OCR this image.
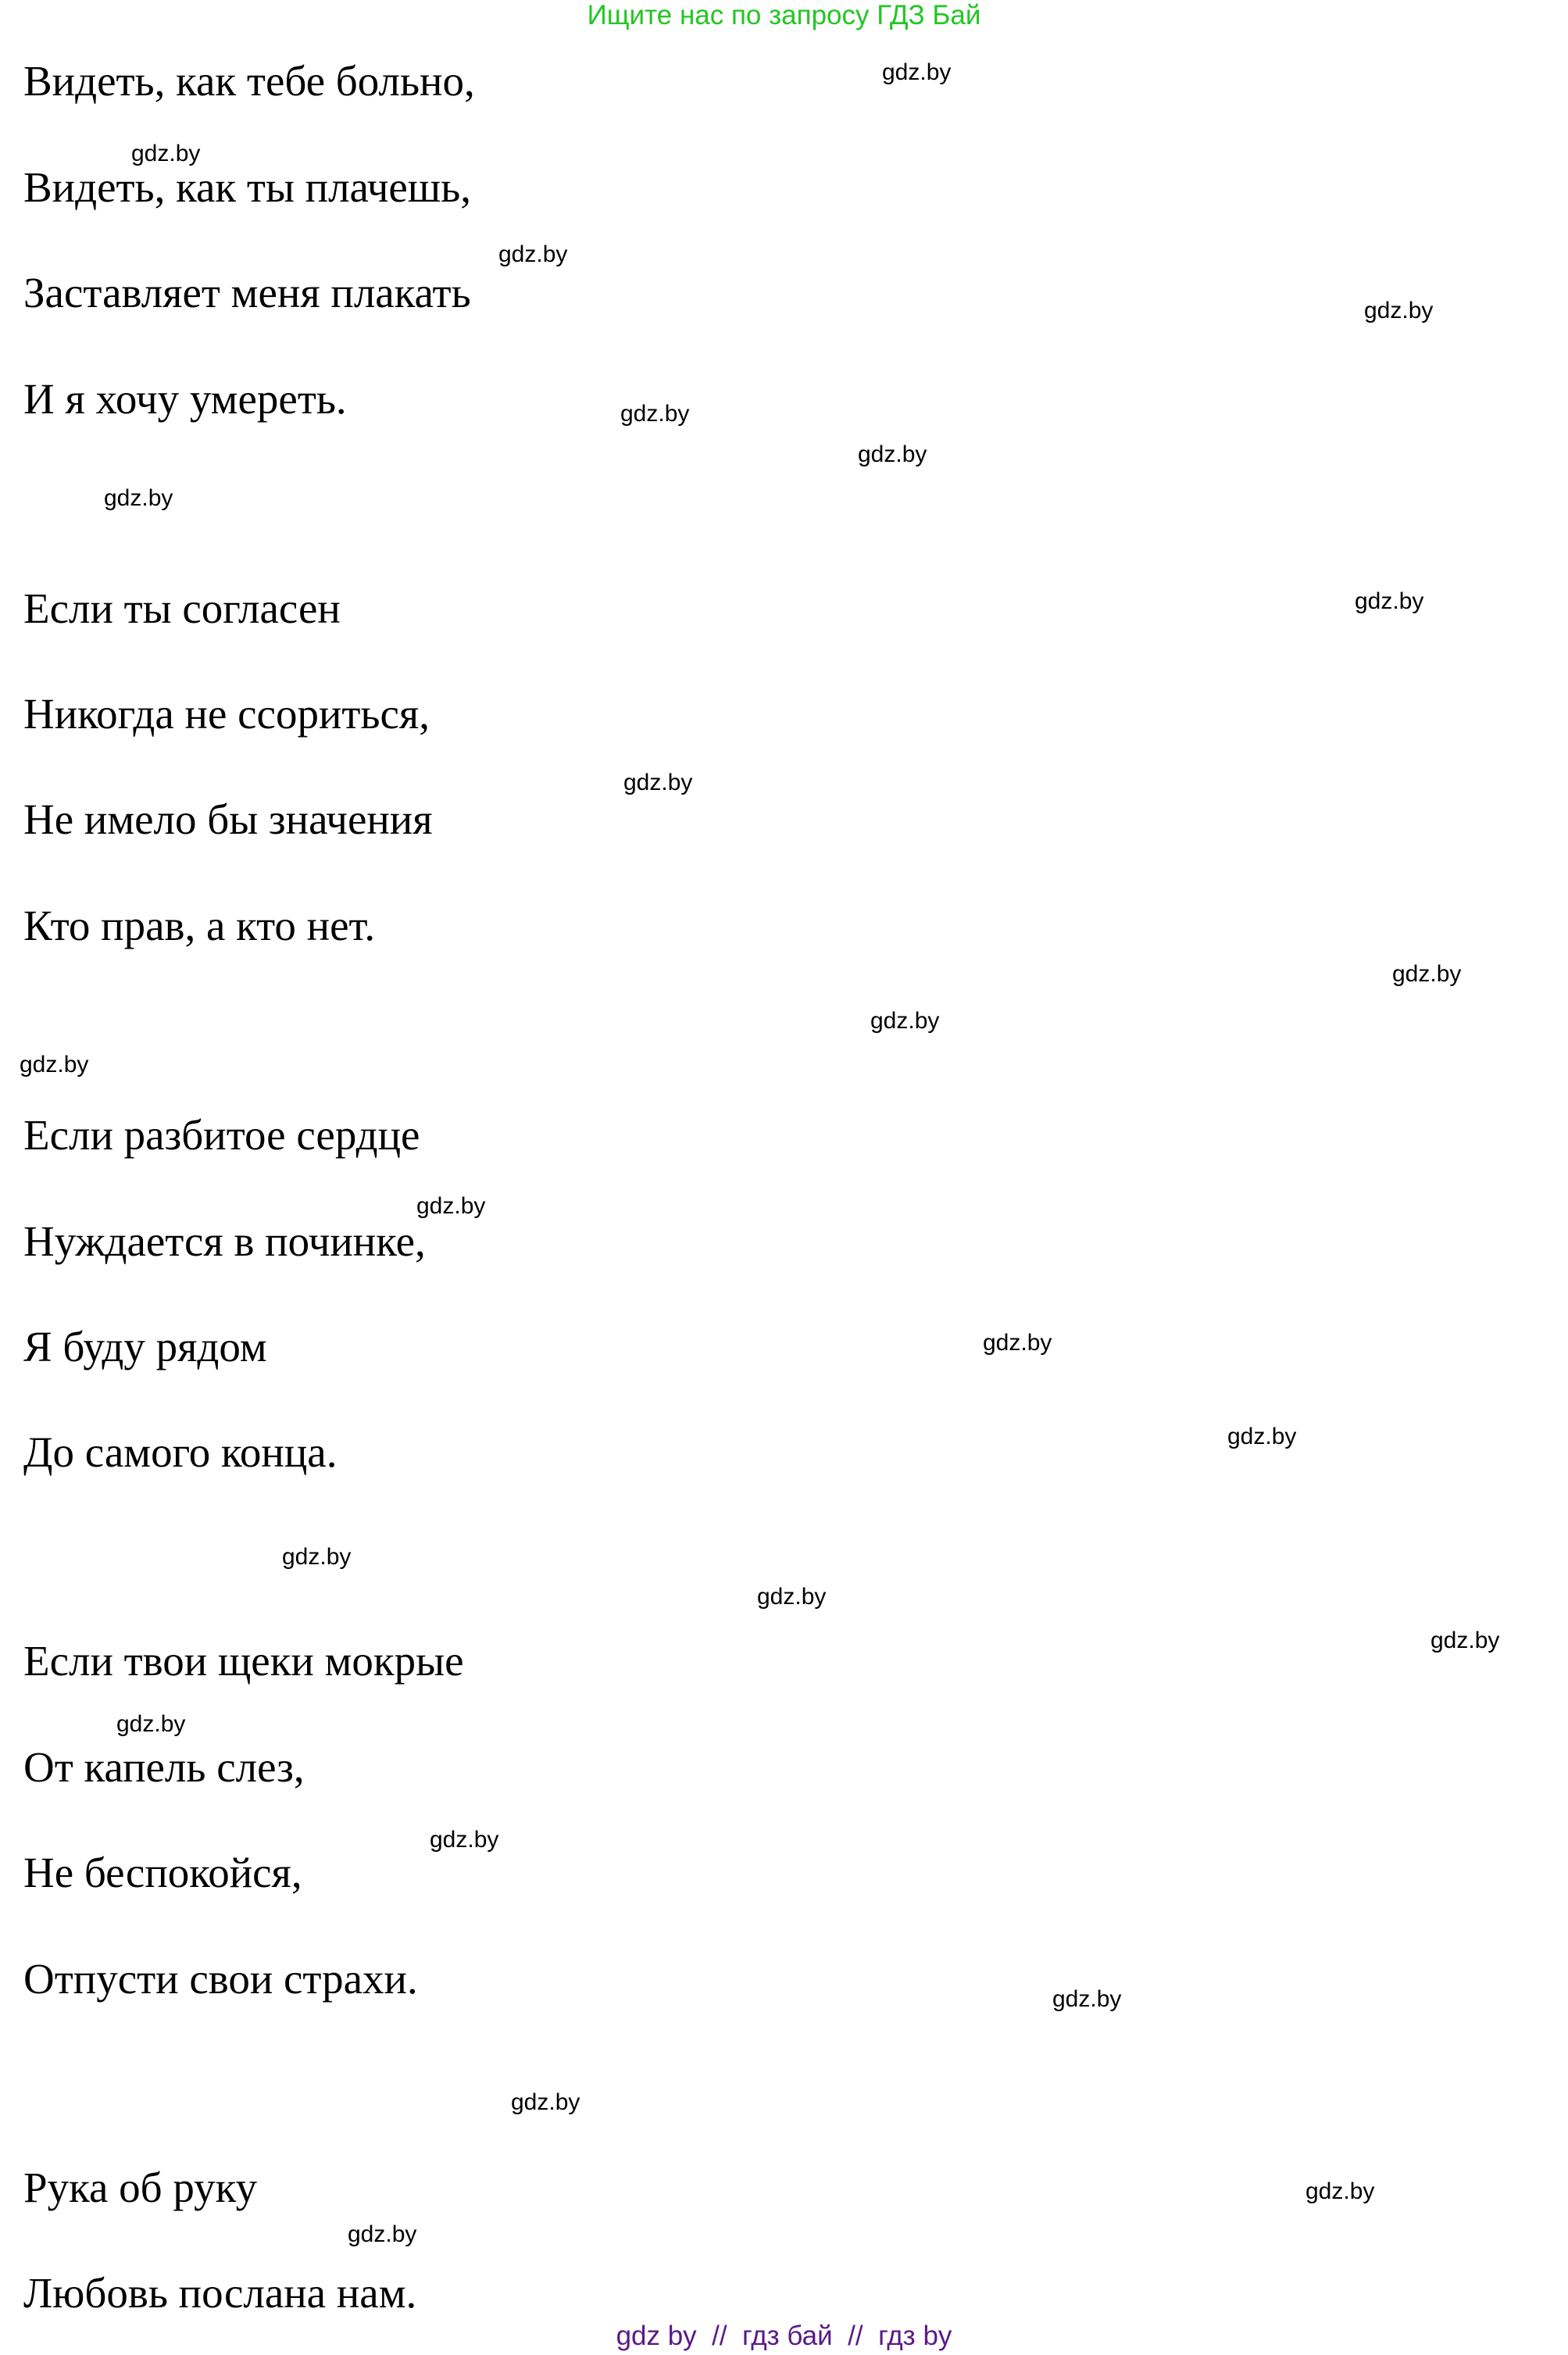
Ищите нас по запросу ГДЗ Бай
Видеть, как тебе больно,
Видеть, как ты плачешь,
Заставляет меня плакать
И я хочу умереть.
Если ты согласен
Никогда не ссориться,
Не имело бы значения
Кто прав, а кто нет.
Если разбитое сердце
Нуждается в починке,
Я буду рядом
До самого конца.
Если твои щеки мокрые
От капель слез,
Не беспокойся,
Отпусти свои страхи.
Рука об руку
Любовь послана нам.
gdz.by
gdz.by
gdz.by
gdz.by
gdz.by
gdz.by
gdz.by
gdz.by
gdz.by
gdz.by
gdz.by
gdz.by
gdz.by
gdz.by
gdz.by
gdz.by
gdz.by
gdz.by
gdz.by
gdz.by
gdz.by
gdz.by
gdz.by
gdz.by
gdz by // гдз бай // гдз by
